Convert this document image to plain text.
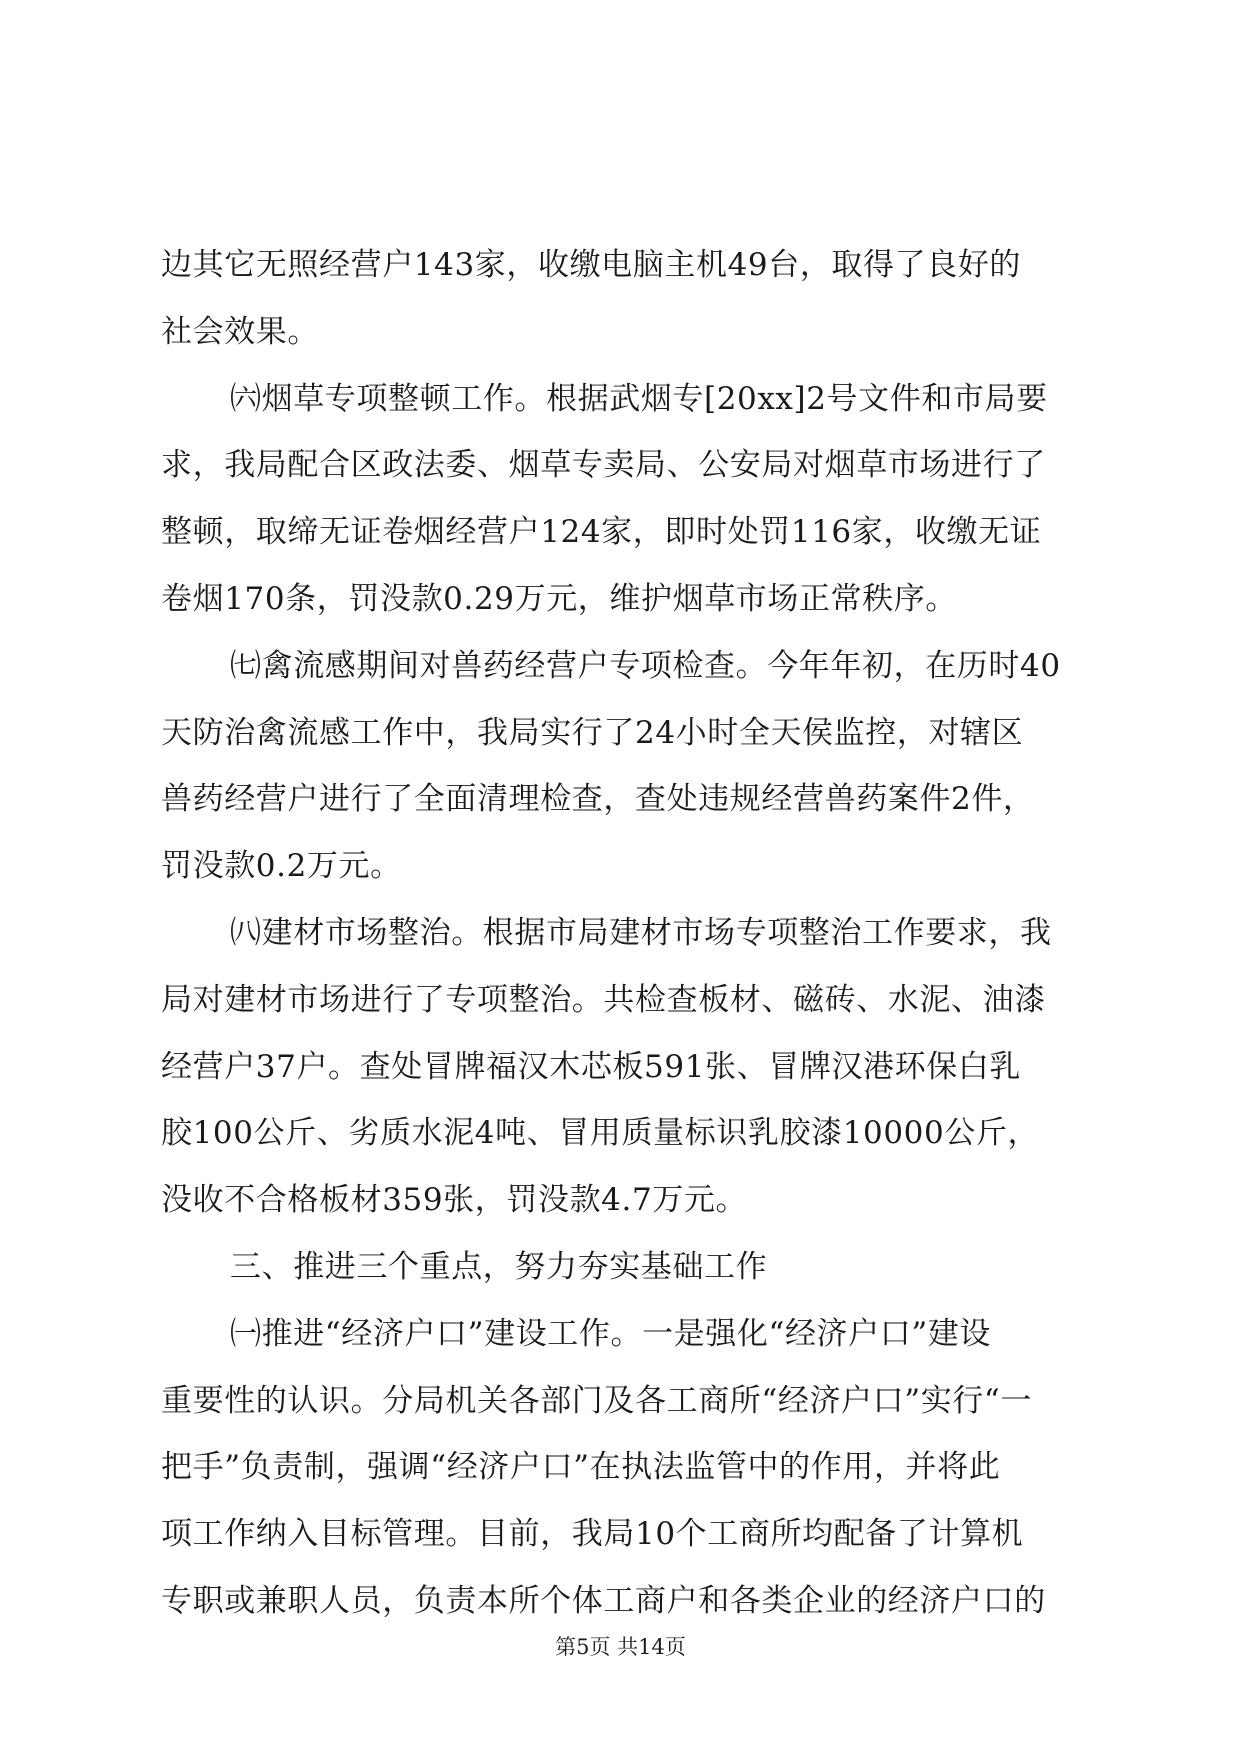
边其它无照经营户143家，收缴电脑主机49台，取得了良好的
社会效果。
㈥烟草专项整顿工作。根据武烟专[20xx]2号文件和市局要
求，我局配合区政法委、烟草专卖局、公安局对烟草市场进行了
整顿，取缔无证卷烟经营户124家，即时处罚116家，收缴无证
卷烟170条，罚没款0.29万元，维护烟草市场正常秩序。
㈦禽流感期间对兽药经营户专项检查。今年年初，在历时40
天防治禽流感工作中，我局实行了24小时全天侯监控，对辖区
兽药经营户进行了全面清理检查，查处违规经营兽药案件2件，
罚没款0.2万元。
㈧建材市场整治。根据市局建材市场专项整治工作要求，我
局对建材市场进行了专项整治。共检查板材、磁砖、水泥、油漆
经营户37户。查处冒牌福汉木芯板591张、冒牌汉港环保白乳
胶100公斤、劣质水泥4吨、冒用质量标识乳胶漆10000公斤，
没收不合格板材359张，罚没款4.7万元。
三、推进三个重点，努力夯实基础工作
㈠推进“经济户口”建设工作。一是强化“经济户口”建设
重要性的认识。分局机关各部门及各工商所“经济户口”实行“一
把手”负责制，强调“经济户口”在执法监管中的作用，并将此
项工作纳入目标管理。目前，我局10个工商所均配备了计算机
专职或兼职人员，负责本所个体工商户和各类企业的经济户口的
第5页 共14页
